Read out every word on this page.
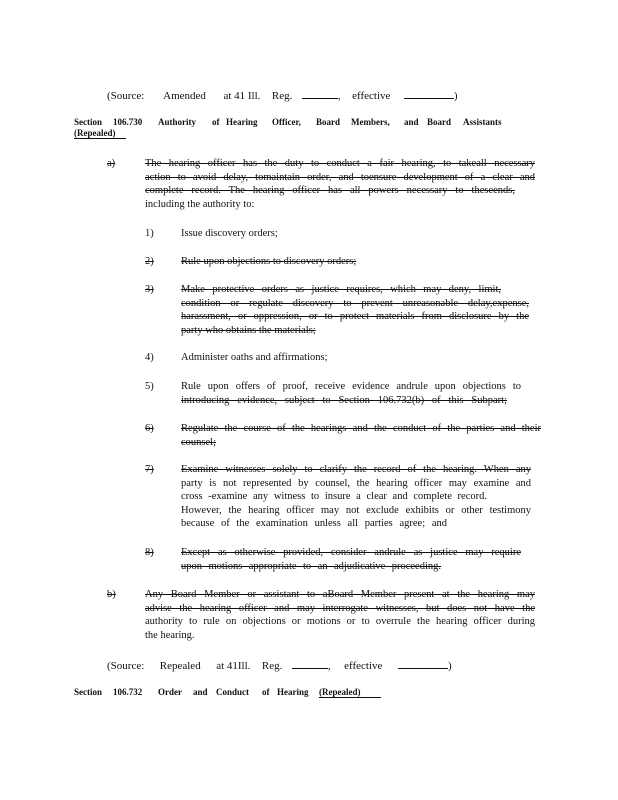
(Source: Amended at 41 Ill. Reg.	, effective	)
Section 106.730 Authority of Hearing Officer, Board Members, and Board Assistants
(Repealed)
a)	The hearing officer has the duty to conduct a fair hearing, to takeall necessary
action to avoid delay, tomaintain order, and toensure development of a clear and
complete record. The hearing officer has all powers necessary to theseends,
including the authority to:
1)	Issue discovery orders;
2)	Rule upon objections to discovery orders;
3)	Make protective orders as justice requires, which may deny, limit,
condition or regulate discovery to prevent unreasonable delay,expense,
harassment, or oppression, or to protect materials from disclosure by the
party who obtains the materials;
4)	Administer oaths and affirmations;
5)	Rule upon offers of proof, receive evidence andrule upon objections to
introducing evidence, subject to Section 106.732(b) of this Subpart;
6)	Regulate the course of the hearings and the conduct of the parties and their
counsel;
7)	Examine witnesses solely to clarify the record of the hearing. When any
party is not represented by counsel, the hearing officer may examine and
cross -examine any witness to insure a clear and complete record.
However, the hearing officer may not exclude exhibits or other testimony
because of the examination unless all parties agree; and
8)	Except as otherwise provided, consider andrule as justice may require
upon motions appropriate to an adjudicative proceeding.
b)	Any Board Member or assistant to aBoard Member present at the hearing may
advise the hearing officer and may interrogate witnesses, but does not have the
authority to rule on objections or motions or to overrule the hearing officer during
the hearing.
(Source: Repealed at 41Ill. Reg.	, effective	)
Section 106.732 Order and Conduct of Hearing (Repealed)
